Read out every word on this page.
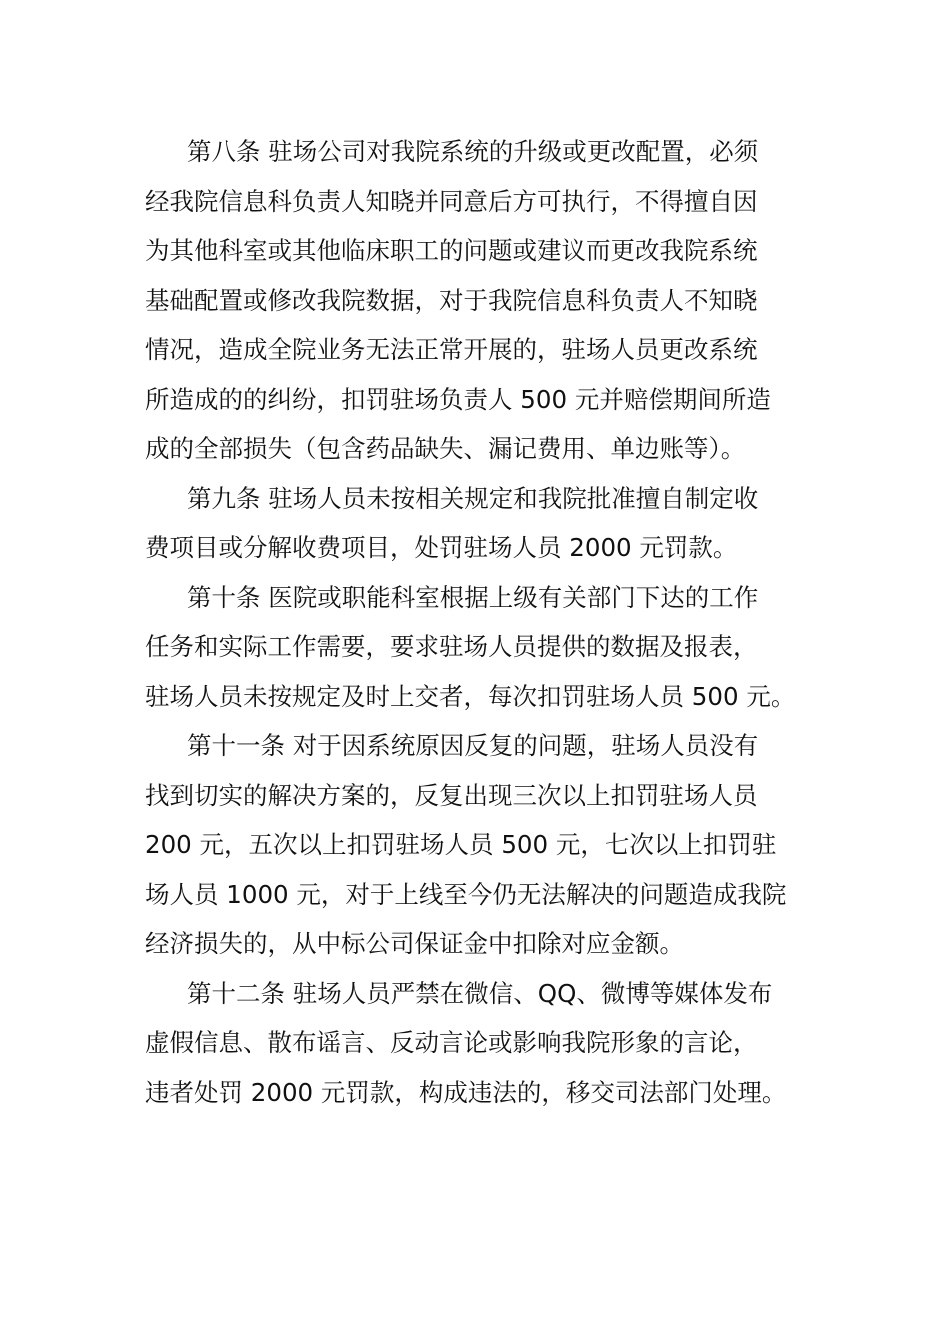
第八条 驻场公司对我院系统的升级或更改配置，必须
经我院信息科负责人知晓并同意后方可执行，不得擅自因
为其他科室或其他临床职工的问题或建议而更改我院系统
基础配置或修改我院数据，对于我院信息科负责人不知晓
情况，造成全院业务无法正常开展的，驻场人员更改系统
所造成的的纠纷，扣罚驻场负责人 500 元并赔偿期间所造
成的全部损失（包含药品缺失、漏记费用、单边账等）。
第九条 驻场人员未按相关规定和我院批准擅自制定收
费项目或分解收费项目，处罚驻场人员 2000 元罚款。
第十条 医院或职能科室根据上级有关部门下达的工作
任务和实际工作需要，要求驻场人员提供的数据及报表，
驻场人员未按规定及时上交者，每次扣罚驻场人员 500 元。
第十一条 对于因系统原因反复的问题，驻场人员没有
找到切实的解决方案的，反复出现三次以上扣罚驻场人员
200 元，五次以上扣罚驻场人员 500 元，七次以上扣罚驻
场人员 1000 元，对于上线至今仍无法解决的问题造成我院
经济损失的，从中标公司保证金中扣除对应金额。
第十二条 驻场人员严禁在微信、QQ、微博等媒体发布
虚假信息、散布谣言、反动言论或影响我院形象的言论，
违者处罚 2000 元罚款，构成违法的，移交司法部门处理。
